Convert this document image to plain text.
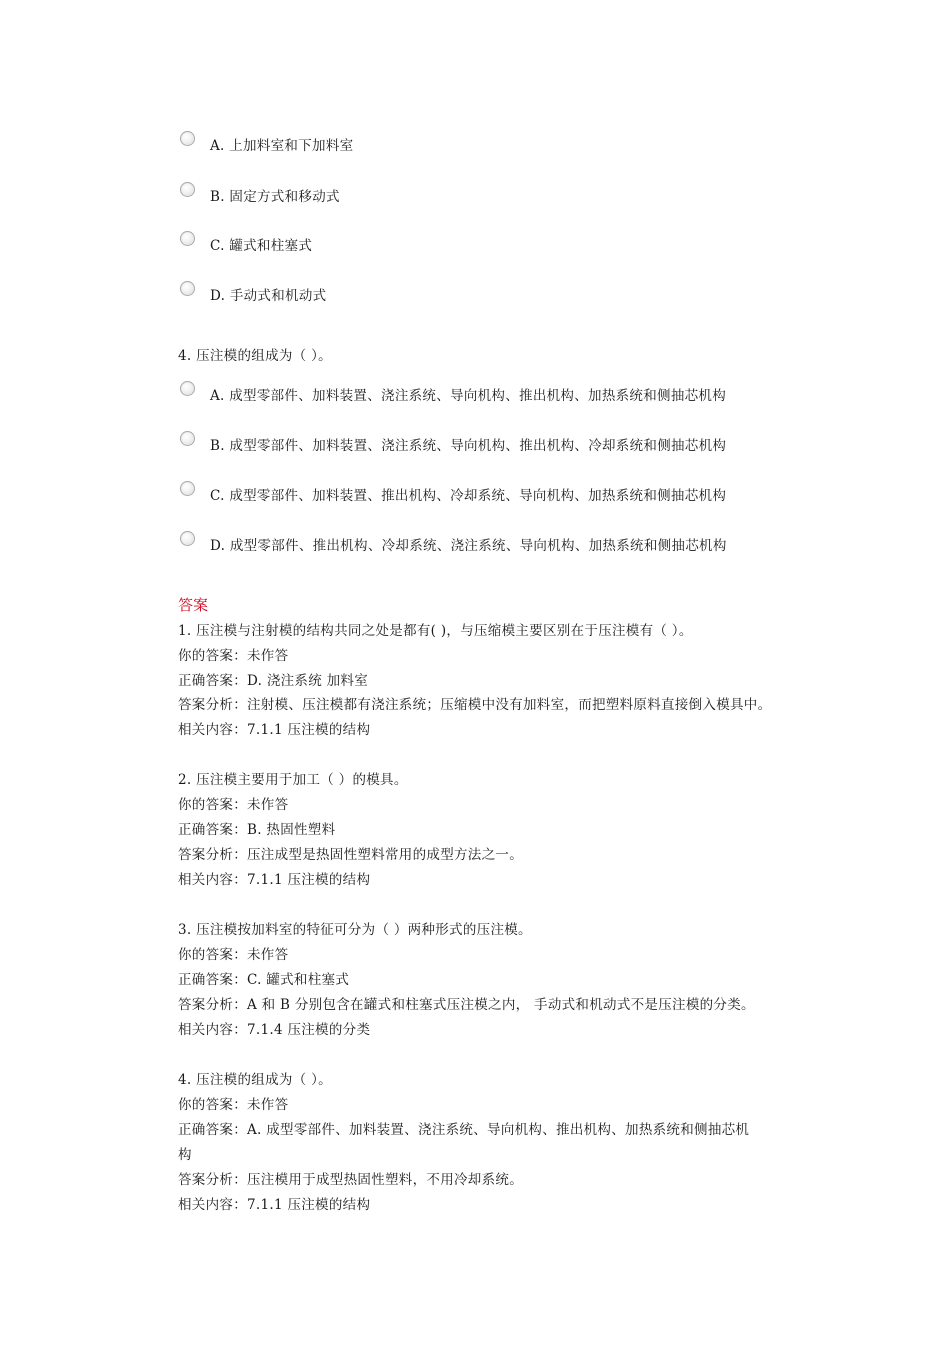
A. 上加料室和下加料室
B. 固定方式和移动式
C. 罐式和柱塞式
D. 手动式和机动式
4. 压注模的组成为（ ）。
A. 成型零部件、加料装置、浇注系统、导向机构、推出机构、加热系统和侧抽芯机构
B. 成型零部件、加料装置、浇注系统、导向机构、推出机构、冷却系统和侧抽芯机构
C. 成型零部件、加料装置、推出机构、冷却系统、导向机构、加热系统和侧抽芯机构
D. 成型零部件、推出机构、冷却系统、浇注系统、导向机构、加热系统和侧抽芯机构
答案
1. 压注模与注射模的结构共同之处是都有( )，与压缩模主要区别在于压注模有（ ）。
你的答案：未作答
正确答案：D. 浇注系统 加料室
答案分析：注射模、压注模都有浇注系统；压缩模中没有加料室，而把塑料原料直接倒入模具中。
相关内容：7.1.1 压注模的结构
2. 压注模主要用于加工（ ）的模具。
你的答案：未作答
正确答案：B. 热固性塑料
答案分析：压注成型是热固性塑料常用的成型方法之一。
相关内容：7.1.1 压注模的结构
3. 压注模按加料室的特征可分为（ ）两种形式的压注模。
你的答案：未作答
正确答案：C. 罐式和柱塞式
答案分析：A 和 B 分别包含在罐式和柱塞式压注模之内， 手动式和机动式不是压注模的分类。
相关内容：7.1.4 压注模的分类
4. 压注模的组成为（ ）。
你的答案：未作答
正确答案：A. 成型零部件、加料装置、浇注系统、导向机构、推出机构、加热系统和侧抽芯机
构
答案分析：压注模用于成型热固性塑料，不用冷却系统。
相关内容：7.1.1 压注模的结构
